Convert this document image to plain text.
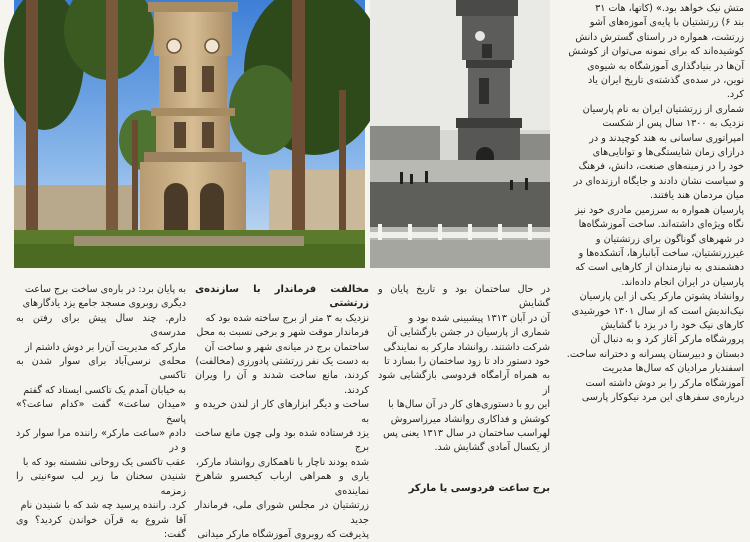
متش نیک خواهد بود.» (کاتها، هات ۳۱

بند ۶) زرتشتیان با پایه‌ی آموزه‌های اَشو

زرتشت، همواره در راستای گسترش دانش

کوشیده‌اند که برای نمونه می‌توان از کوشش

آن‌ها در بنیادگذاری آموزشگاه به شیوه‌ی

نوین، در سده‌ی گذشته‌ی تاریخ ایران یاد

کرد.

شماری از زرتشتیان ایران به نام پارسیان

نزدیک به ۱۳۰۰ سال پس از شکست

امپراتوری ساسانی به هند کوچیدند و در

درازای زمان شایستگی‌ها و توانایی‌های

خود را در زمینه‌های صنعت، دانش، فرهنگ

و سیاست نشان دادند و جایگاه ارزنده‌ای در

میان مردمان هند یافتند.

پارسیان همواره به سرزمین مادری خود نیز

نگاه ویژه‌ای داشته‌اند. ساخت آموزشگاه‌ها

در شهرهای گوناگون برای زرتشتیان و

غیرزرتشتیان، ساخت آبانبارها، آتشکده‌ها و

دهشمندی به نیازمندان از کارهایی است که

پارسیان در ایران انجام داده‌اند.

روانشاد پشوتن مارکر یکی از این پارسیان

نیک‌اندیش است که از سال ۱۳۰۱ خورشیدی

کارهای نیک خود را در یزد با گشایش

پرورشگاه مارکر آغاز کرد و به دنبال آن

دبستان و دبیرستان پسرانه و دخترانه ساخت.

اسفندیار مرادیان که سال‌ها مدیریت

آموزشگاه مارکر را بر دوش داشته است

درباره‌ی سفرهای این مرد نیکوکار پارسی

در حال ساختمان بود و تاریخ پایان و گشایش

آن در آبان ۱۳۱۳ پیشبینی شده بود و

شماری از پارسیان در جشن بازگشایی آن

شرکت داشتند. روانشاد مارکر به نمایندگی

خود دستور داد تا زود ساختمان را بسازد تا

به همراه آرامگاه فردوسی بازگشایی شود از

این رو با دستوری‌های کار در آن سال‌ها با

کوشش و فداکاری روانشاد میرزاسروش

لهراسب ساختمان در سال ۱۳۱۳ یعنی پس

از یکسال آمادی گشایش شد.

برج ساعت فردوسی یا مارکر

مخالفت فرماندار با سازنده‌ی زرتشتی

نزدیک به ۳ متر از برج ساخته شده بود که

فرماندار موقت شهر و برخی نسبت به محل

ساختمان برج در میانه‌ی شهر و ساخت آن

به دست یک نفر زرتشتی پادورزی (مخالفت)

کردند، مانع ساخت شدند و آن را ویران کردند.

ساخت و دیگر ابزارهای کار از لندن خریده و به

یزد فرستاده شده بود ولی چون مانع ساخت برج

شده بودند ناچار با ناهمکاری روانشاد مارکر،

یاری و همراهی ارباب کیخسرو شاهرخ نماینده‌ی

زرتشتیان در مجلس شورای ملی، فرماندار جدید

پذیرفت که روبروی آموزشگاه مارکر میدانی

به پایان برد: در باره‌ی ساخت برج ساعت

دیگری روبروی مسجد جامع یزد یادگارهای

دارم. چند سال پیش برای رفتن به مدرسه‌ی

مارکر که مدیریت آن‌را بر دوش داشتم از

محله‌ی نرسی‌آباد برای سوار شدن به تاکسی

به خیابان آمدم یک تاکسی ایستاد که گفتم

«میدان ساعت» گفت «کدام ساعت؟» پاسخ

دادم «ساعت مارکر» راننده مرا سوار کرد و در

عقب تاکسی یک روحانی نشسته بود که با

شنیدن سخنان ما زیر لب سوءنیتی را زمزمه

کرد. راننده پرسید چه شد که با شنیدن نام

آقا شروع به قرآن خواندن کردید؟ وی گفت:
